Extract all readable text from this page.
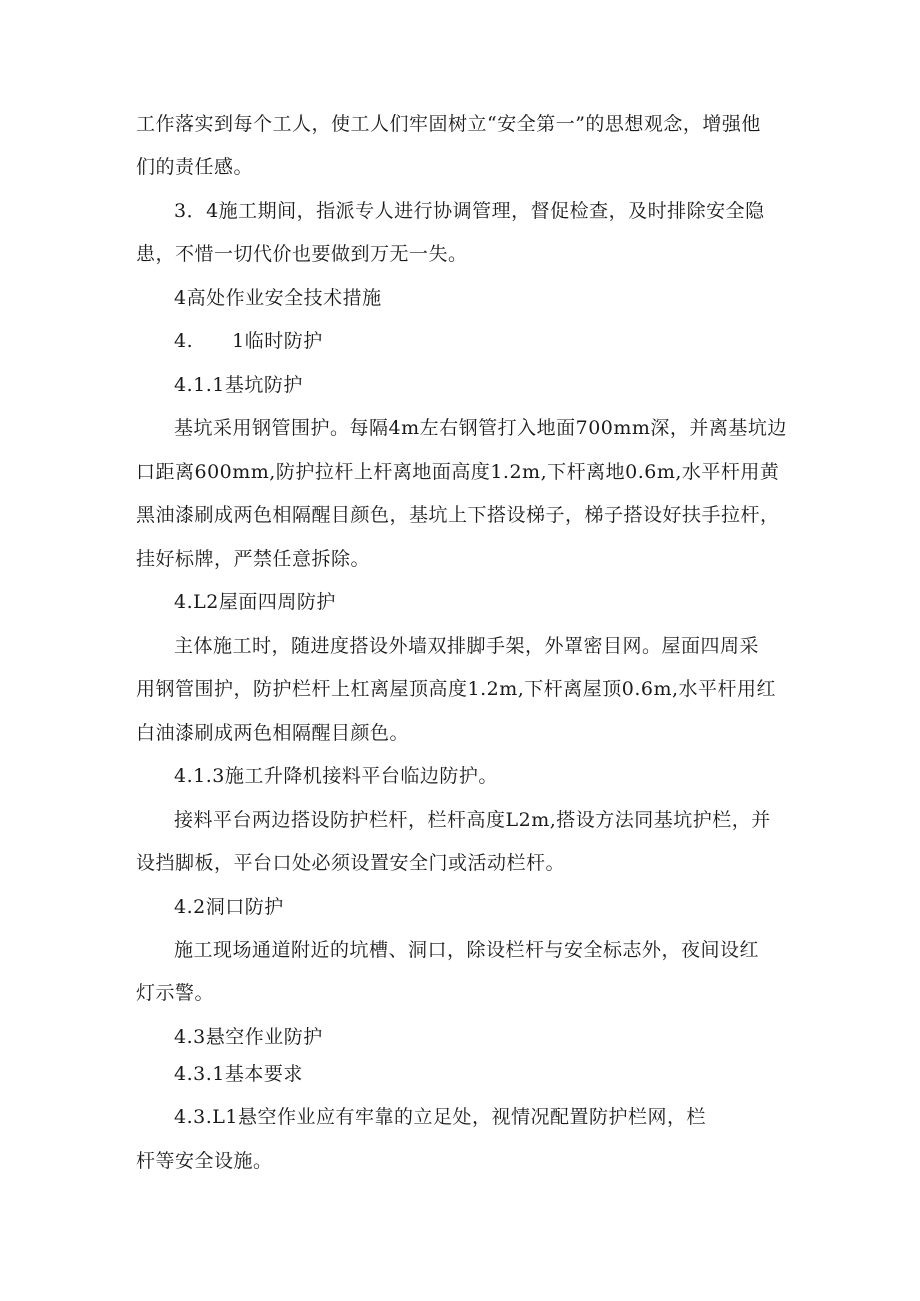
工作落实到每个工人，使工人们牢固树立“安全第一”的思想观念，增强他
们的责任感。
3．4施工期间，指派专人进行协调管理，督促检查，及时排除安全隐
患，不惜一切代价也要做到万无一失。
4高处作业安全技术措施
4.　　1临时防护
4.1.1基坑防护
基坑采用钢管围护。每隔4m左右钢管打入地面700mm深，并离基坑边
口距离600mm,防护拉杆上杆离地面高度1.2m,下杆离地0.6m,水平杆用黄
黑油漆刷成两色相隔醒目颜色，基坑上下搭设梯子，梯子搭设好扶手拉杆，
挂好标牌，严禁任意拆除。
4.L2屋面四周防护
主体施工时，随进度搭设外墙双排脚手架，外罩密目网。屋面四周采
用钢管围护，防护栏杆上杠离屋顶高度1.2m,下杆离屋顶0.6m,水平杆用红
白油漆刷成两色相隔醒目颜色。
4.1.3施工升降机接料平台临边防护。
接料平台两边搭设防护栏杆，栏杆高度L2m,搭设方法同基坑护栏，并
设挡脚板，平台口处必须设置安全门或活动栏杆。
4.2洞口防护
施工现场通道附近的坑槽、洞口，除设栏杆与安全标志外，夜间设红
灯示警。
4.3悬空作业防护
4.3.1基本要求
4.3.L1悬空作业应有牢靠的立足处，视情况配置防护栏网，栏
杆等安全设施。
